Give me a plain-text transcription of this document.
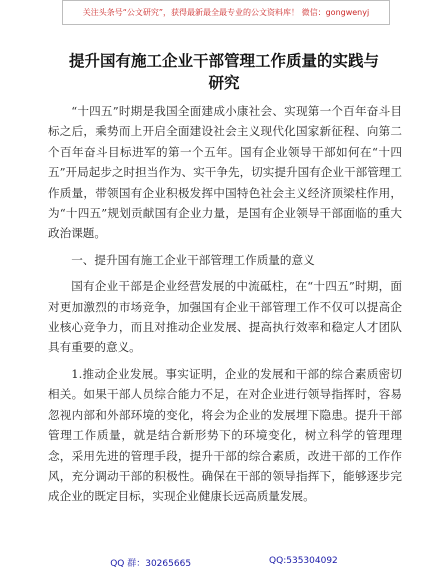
关注头条号“公文研究”，获得最新最全最专业的公文资料库！ 微信：gongwenyj
提升国有施工企业干部管理工作质量的实践与
研究

“十四五”时期是我国全面建成小康社会、实现第一个百年奋斗目标之后，乘势而上开启全面建设社会主义现代化国家新征程、向第二个百年奋斗目标进军的第一个五年。国有企业领导干部如何在“十四五”开局起步之时担当作为、实干争先，切实提升国有企业干部管理工作质量，带领国有企业积极发挥中国特色社会主义经济顶梁柱作用，为“十四五”规划贡献国有企业力量，是国有企业领导干部面临的重大政治课题。

一、提升国有施工企业干部管理工作质量的意义

国有企业干部是企业经营发展的中流砥柱，在“十四五”时期，面对更加激烈的市场竞争，加强国有企业干部管理工作不仅可以提高企业核心竞争力，而且对推动企业发展、提高执行效率和稳定人才团队具有重要的意义。

1.推动企业发展。事实证明，企业的发展和干部的综合素质密切相关。如果干部人员综合能力不足，在对企业进行领导指挥时，容易忽视内部和外部环境的变化，将会为企业的发展埋下隐患。提升干部管理工作质量，就是结合新形势下的环境变化，树立科学的管理理念，采用先进的管理手段，提升干部的综合素质，改进干部的工作作风，充分调动干部的积极性。确保在干部的领导指挥下，能够逐步完成企业的既定目标，实现企业健康长远高质量发展。

QQ 群：30265665	QQ:535304092
